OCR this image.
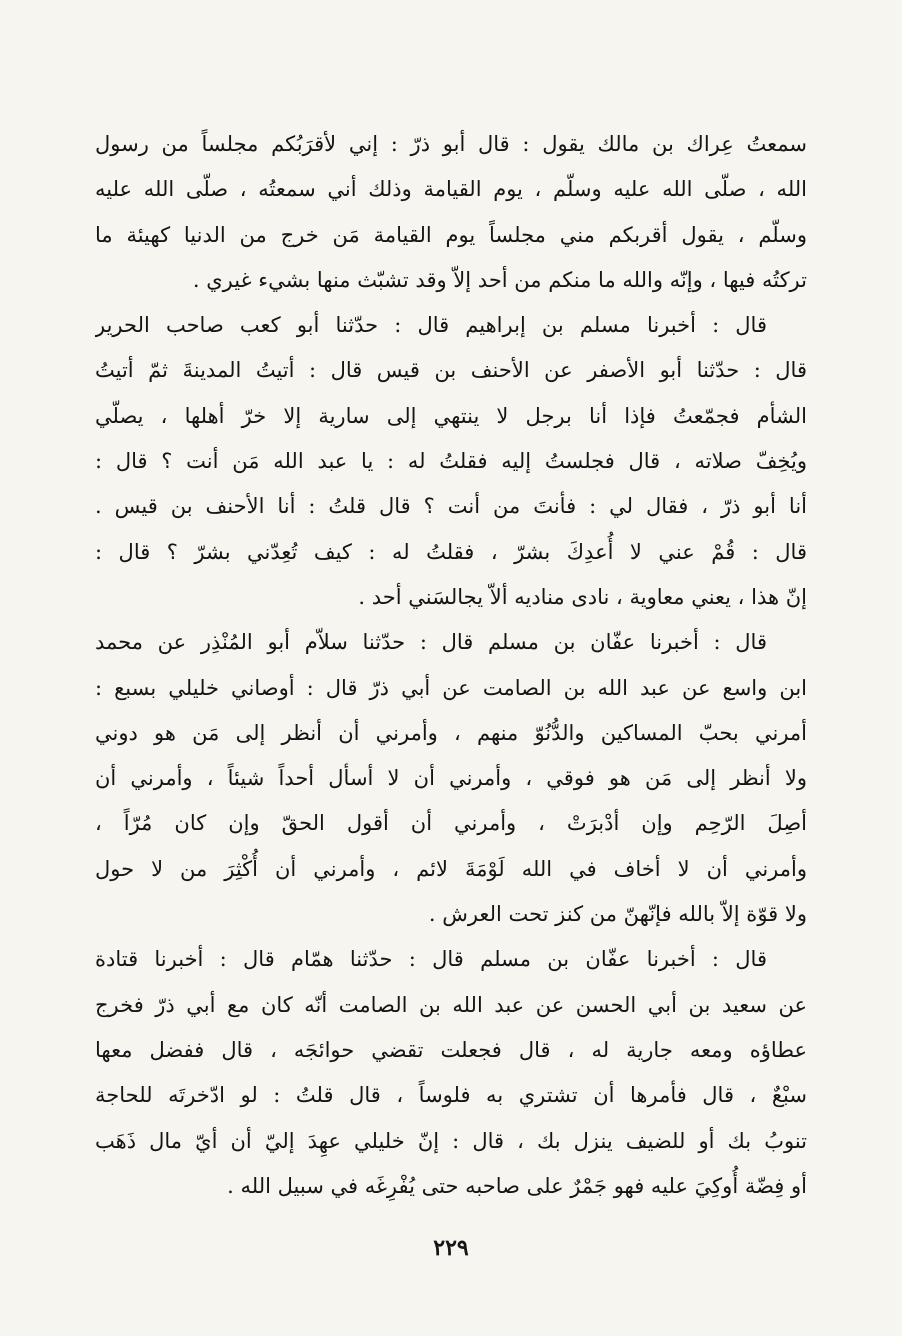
سمعتُ عِراك بن مالك يقول : قال أبو ذرّ : إني لأقرَبُكم مجلساً من رسول
الله ، صلّى الله عليه وسلّم ، يوم القيامة وذلك أني سمعتُه ، صلّى الله عليه
وسلّم ، يقول أقربكم مني مجلساً يوم القيامة مَن خرج من الدنيا كهيئة ما
تركتُه فيها ، وإنّه والله ما منكم من أحد إلاّ وقد تشبّث منها بشيء غيري .
قال : أخبرنا مسلم بن إبراهيم قال : حدّثنا أبو كعب صاحب الحرير
قال : حدّثنا أبو الأصفر عن الأحنف بن قيس قال : أتيتُ المدينةَ ثمّ أتيتُ
الشأم فجمّعتُ فإذا أنا برجل لا ينتهي إلى سارية إلا خرّ أهلها ، يصلّي
ويُخِفّ صلاته ، قال فجلستُ إليه فقلتُ له : يا عبد الله مَن أنت ؟ قال :
أنا أبو ذرّ ، فقال لي : فأنتَ من أنت ؟ قال قلتُ : أنا الأحنف بن قيس .
قال : قُمْ عني لا أُعدِكَ بشرّ ، فقلتُ له : كيف تُعِدّني بشرّ ؟ قال :
إنّ هذا ، يعني معاوية ، نادى مناديه ألاّ يجالسَني أحد .
قال : أخبرنا عفّان بن مسلم قال : حدّثنا سلاّم أبو المُنْذِر عن محمد
ابن واسع عن عبد الله بن الصامت عن أبي ذرّ قال : أوصاني خليلي بسبع :
أمرني بحبّ المساكين والدُّنُوّ منهم ، وأمرني أن أنظر إلى مَن هو دوني
ولا أنظر إلى مَن هو فوقي ، وأمرني أن لا أسأل أحداً شيئاً ، وأمرني أن
أصِلَ الرّحِم وإن أدْبرَتْ ، وأمرني أن أقول الحقّ وإن كان مُرّاً ،
وأمرني أن لا أخاف في الله لَوْمَةَ لائم ، وأمرني أن أُكْثِرَ من لا حول
ولا قوّة إلاّ بالله فإنّهنّ من كنز تحت العرش .
قال : أخبرنا عفّان بن مسلم قال : حدّثنا همّام قال : أخبرنا قتادة
عن سعيد بن أبي الحسن عن عبد الله بن الصامت أنّه كان مع أبي ذرّ فخرج
عطاؤه ومعه جارية له ، قال فجعلت تقضي حوائجَه ، قال ففضل معها
سبْعٌ ، قال فأمرها أن تشتري به فلوساً ، قال قلتُ : لو ادّخرتَه للحاجة
تنوبُ بك أو للضيف ينزل بك ، قال : إنّ خليلي عهِدَ إليّ أن أيّ مال ذَهَب
أو فِضّة أُوكِيَ عليه فهو جَمْرٌ على صاحبه حتى يُفْرِغَه في سبيل الله .
٢٢٩
